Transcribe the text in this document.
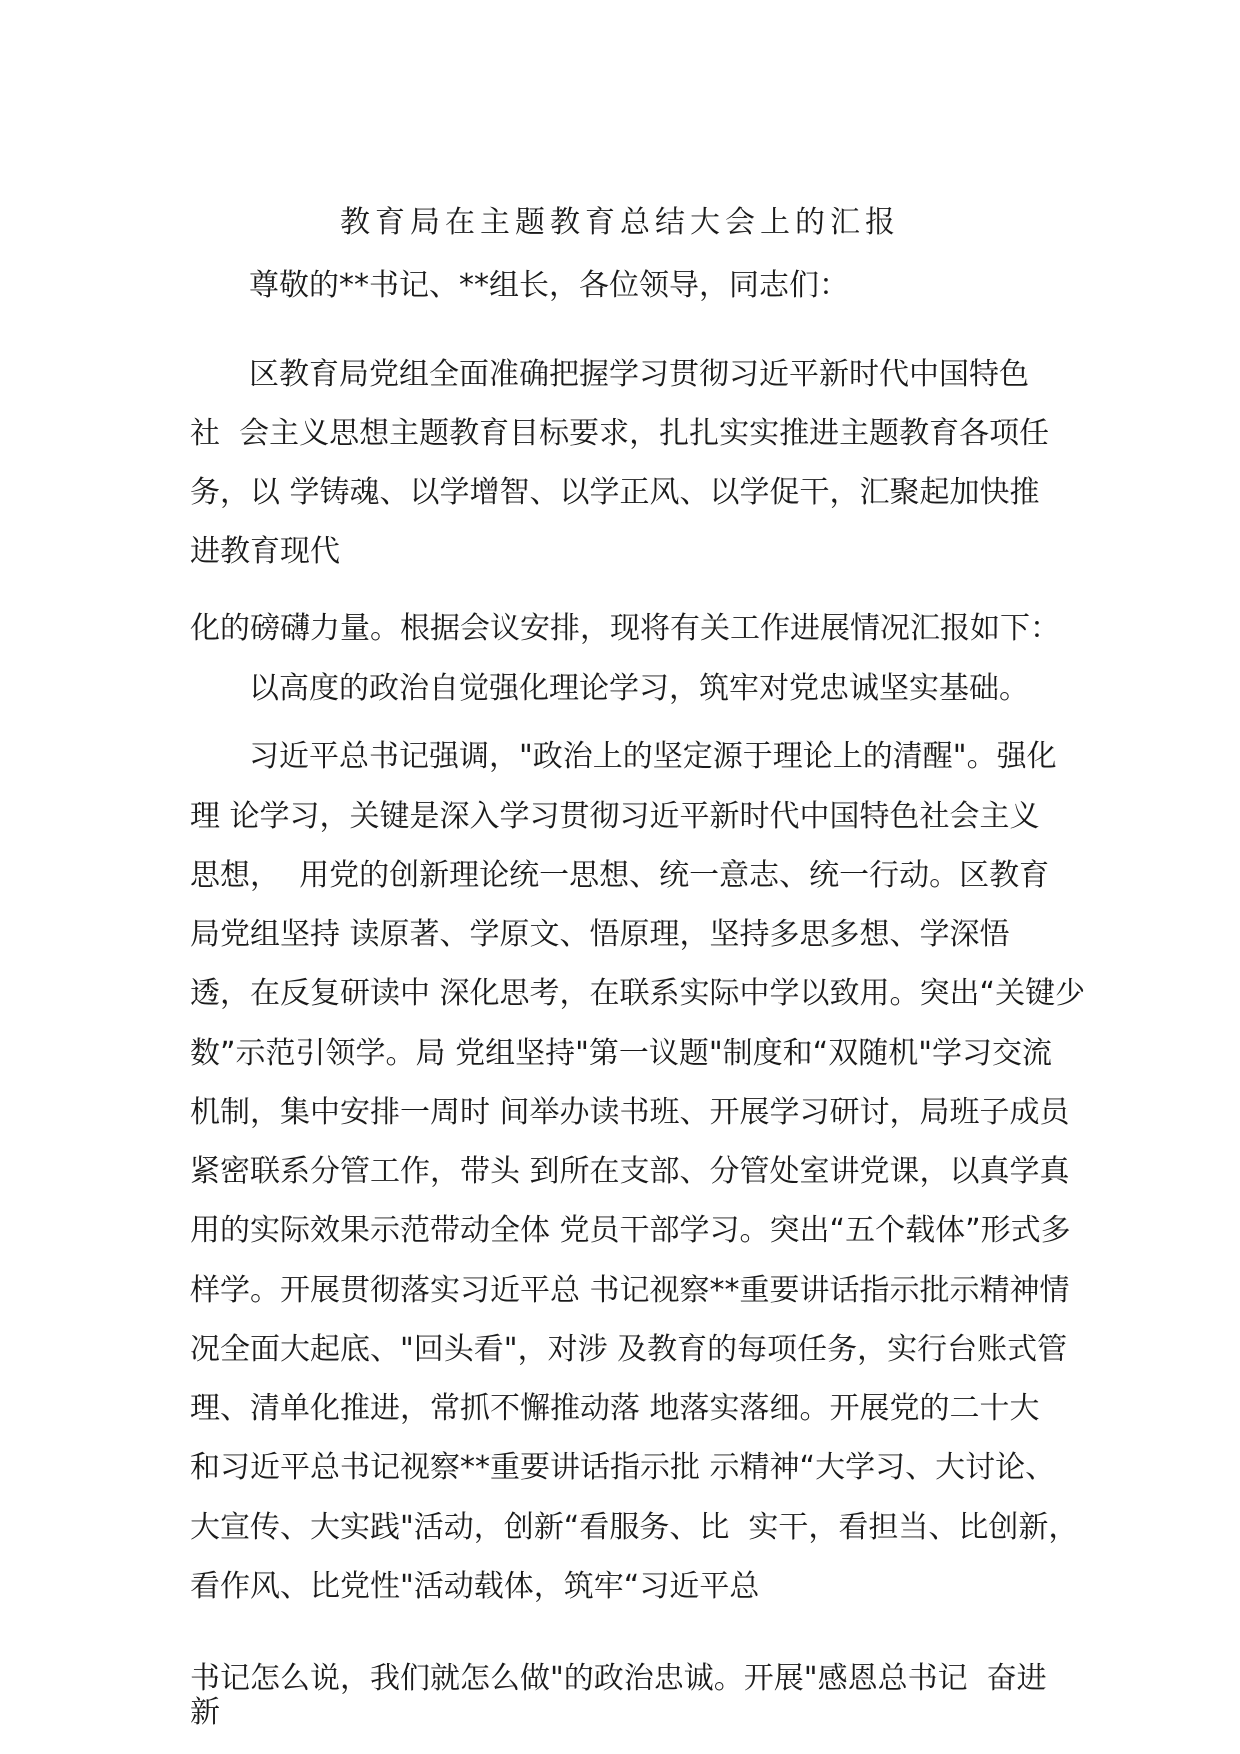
教育局在主题教育总结大会上的汇报
尊敬的**书记、**组长，各位领导，同志们：
区教育局党组全面准确把握学习贯彻习近平新时代中国特色
社  会主义思想主题教育目标要求，扎扎实实推进主题教育各项任
务，以 学铸魂、以学增智、以学正风、以学促干，汇聚起加快推
进教育现代
化的磅礴力量。根据会议安排，现将有关工作进展情况汇报如下：
以高度的政治自觉强化理论学习，筑牢对党忠诚坚实基础。
习近平总书记强调，"政治上的坚定源于理论上的清醒"。强化
理 论学习，关键是深入学习贯彻习近平新时代中国特色社会主义
思想，  用党的创新理论统一思想、统一意志、统一行动。区教育
局党组坚持 读原著、学原文、悟原理，坚持多思多想、学深悟
透，在反复研读中 深化思考，在联系实际中学以致用。突出“关键少
数”示范引领学。局 党组坚持"第一议题"制度和“双随机"学习交流
机制，集中安排一周时 间举办读书班、开展学习研讨，局班子成员
紧密联系分管工作，带头 到所在支部、分管处室讲党课，以真学真
用的实际效果示范带动全体 党员干部学习。突出“五个载体”形式多
样学。开展贯彻落实习近平总 书记视察**重要讲话指示批示精神情
况全面大起底、"回头看"，对涉 及教育的每项任务，实行台账式管
理、清单化推进，常抓不懈推动落 地落实落细。开展党的二十大
和习近平总书记视察**重要讲话指示批 示精神“大学习、大讨论、
大宣传、大实践"活动，创新“看服务、比  实干，看担当、比创新，
看作风、比党性"活动载体，筑牢“习近平总
书记怎么说，我们就怎么做"的政治忠诚。开展"感恩总书记  奋进
新
